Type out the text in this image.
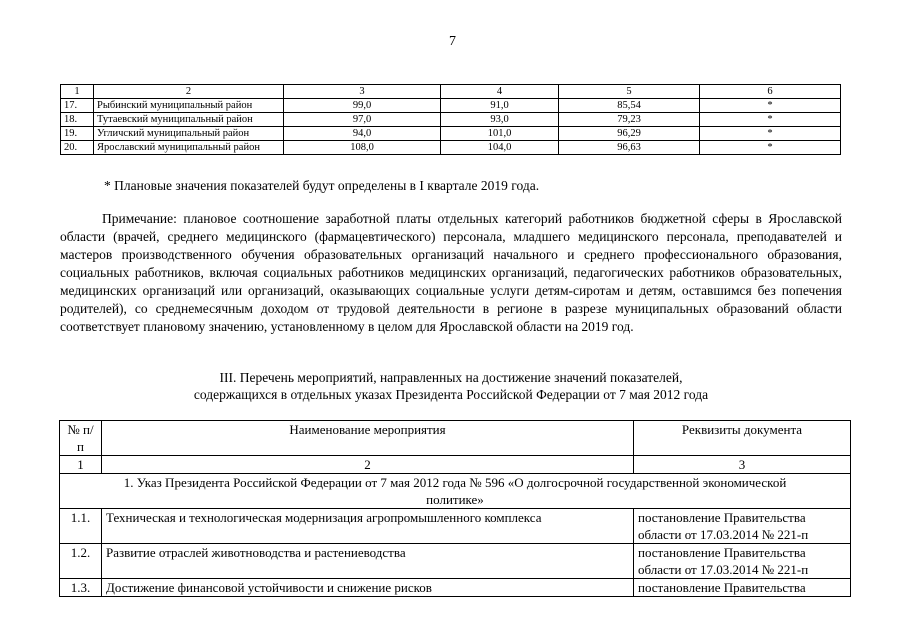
7
1	2	3	4	5	6
17.	Рыбинский муниципальный район	99,0	91,0	85,54	*
18.	Тутаевский муниципальный район	97,0	93,0	79,23	*
19.	Угличский муниципальный район	94,0	101,0	96,29	*
20.	Ярославский муниципальный район	108,0	104,0	96,63	*
* Плановые значения показателей будут определены в I квартале 2019 года.

Примечание: плановое соотношение заработной платы отдельных категорий работников бюджетной сферы в Ярославской области (врачей, среднего медицинского (фармацевтического) персонала, младшего медицинского персонала, преподавателей и мастеров производственного обучения образовательных организаций начального и среднего профессионального образования, социальных работников, включая социальных работников медицинских организаций, педагогических работников образовательных, медицинских организаций или организаций, оказывающих социальные услуги детям-сиротам и детям, оставшимся без попечения родителей), со среднемесячным доходом от трудовой деятельности в регионе в разрезе муниципальных образований области соответствует плановому значению, установленному в целом для Ярославской области на 2019 год.

III. Перечень мероприятий, направленных на достижение значений показателей,
содержащихся в отдельных указах Президента Российской Федерации от 7 мая 2012 года
№ п/п	Наименование мероприятия	Реквизиты документа
1	2	3

1. Указ Президента Российской Федерации от 7 мая 2012 года № 596 «О долгосрочной государственной экономической
политике»		

1.1.	Техническая и технологическая модернизация агропромышленного комплекса	постановление Правительства
области от 17.03.2014 № 221-п

1.2.	Развитие отраслей животноводства и растениеводства	постановление Правительства
области от 17.03.2014 № 221-п

1.3.	Достижение финансовой устойчивости и снижение рисков	постановление Правительства
